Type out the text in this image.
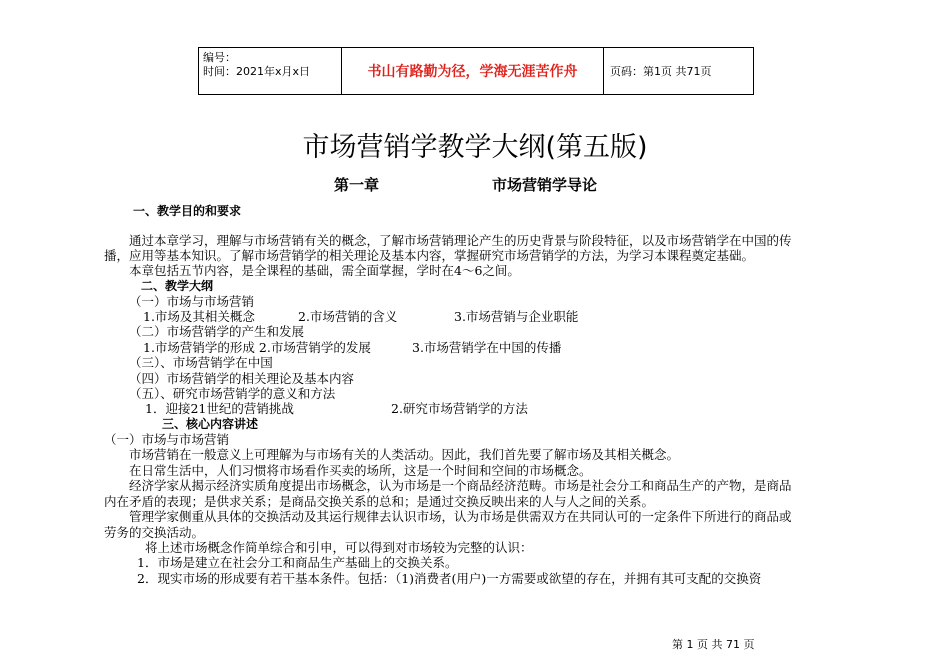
编号：
时间：2021年x月x日	书山有路勤为径，学海无涯苦作舟	页码：第1页 共71页
市场营销学教学大纲(第五版)
第一章	市场营销学导论
一、教学目的和要求
通过本章学习，理解与市场营销有关的概念，了解市场营销理论产生的历史背景与阶段特征，以及市场营销学在中国的传
播，应用等基本知识。了解市场营销学的相关理论及基本内容，掌握研究市场营销学的方法，为学习本课程奠定基础。
本章包括五节内容，是全课程的基础，需全面掌握，学时在4～6之间。
二、教学大纲
（一）市场与市场营销
1.市场及其相关概念	2.市场营销的含义	3.市场营销与企业职能
（二）市场营销学的产生和发展
1.市场营销学的形成 2.市场营销学的发展	3.市场营销学在中国的传播
（三）、市场营销学在中国
（四）市场营销学的相关理论及基本内容
（五）、研究市场营销学的意义和方法
1．迎接21世纪的营销挑战	2.研究市场营销学的方法
三、核心内容讲述
（一）市场与市场营销
市场营销在一般意义上可理解为与市场有关的人类活动。因此，我们首先要了解市场及其相关概念。
在日常生活中，人们习惯将市场看作买卖的场所，这是一个时间和空间的市场概念。
经济学家从揭示经济实质角度提出市场概念，认为市场是一个商品经济范畴。市场是社会分工和商品生产的产物，是商品
内在矛盾的表现；是供求关系；是商品交换关系的总和；是通过交换反映出来的人与人之间的关系。
管理学家侧重从具体的交换活动及其运行规律去认识市场，认为市场是供需双方在共同认可的一定条件下所进行的商品或
劳务的交换活动。
将上述市场概念作简单综合和引申，可以得到对市场较为完整的认识：
1．市场是建立在社会分工和商品生产基础上的交换关系。
2．现实市场的形成要有若干基本条件。包括：（1)消费者(用户)一方需要或欲望的存在，并拥有其可支配的交换资
第 1 页 共 71 页
